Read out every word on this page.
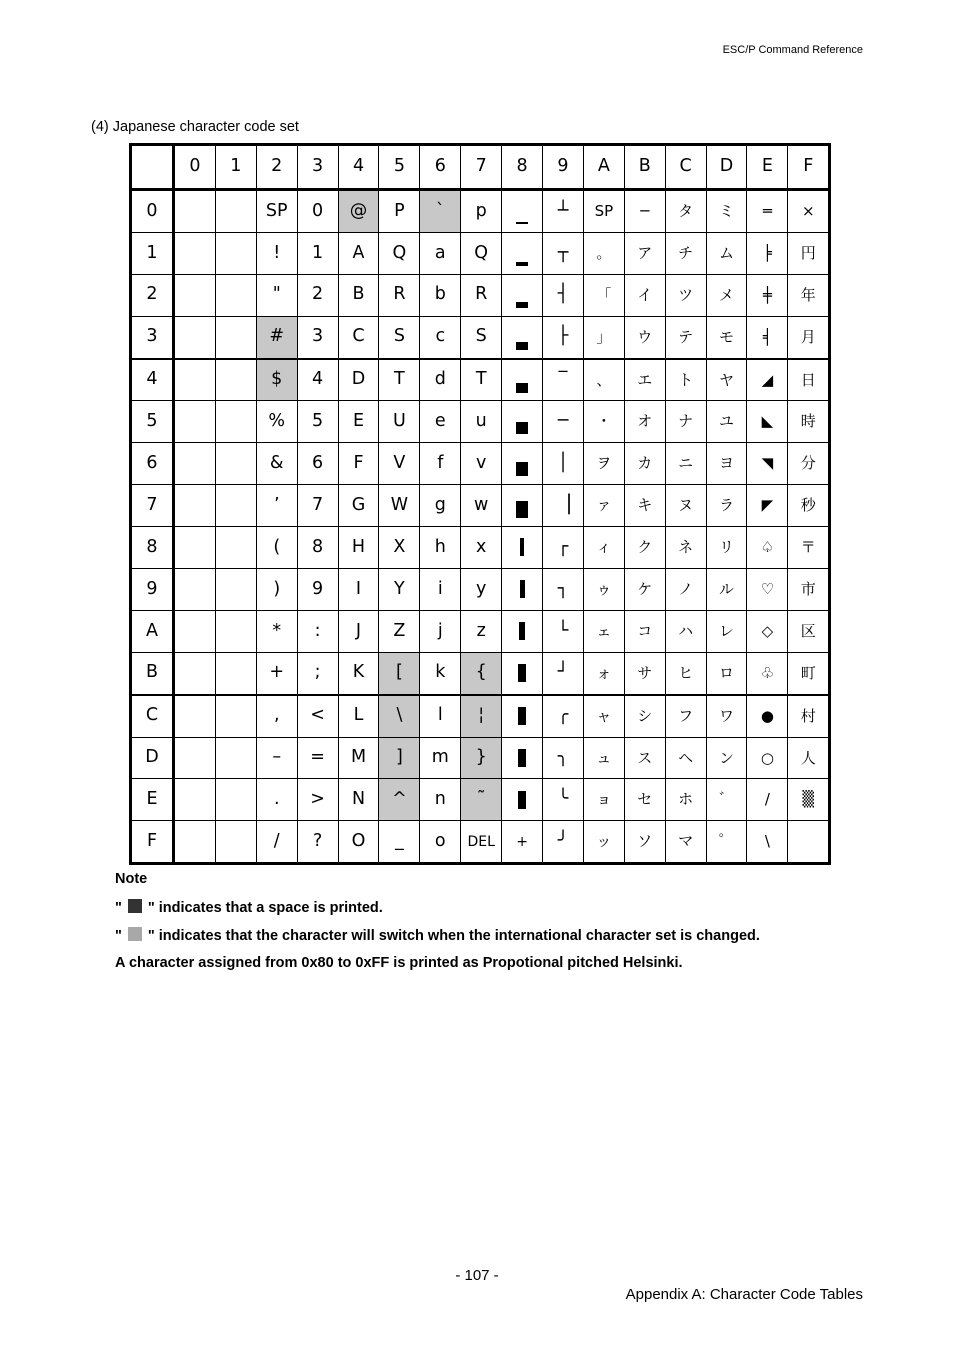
ESC/P Command Reference
(4) Japanese character code set
	0	1	2	3	4	5	6	7	8	9	A	B	C	D	E	F
0			SP	0	@	P	`	p		┴	SP	─	タ	ミ	═	×
1			!	1	A	Q	a	Q		┬	。	ア	チ	ム	╞	円
2			"	2	B	R	b	R		┤	「	イ	ツ	メ	╪	年
3			#	3	C	S	c	S		├	」	ウ	テ	モ	╡	月
4			$	4	D	T	d	T		‾	、	エ	ト	ヤ	◢	日
5			%	5	E	U	e	u		─	・	オ	ナ	ユ	◣	時
6			&	6	F	V	f	v		│	ヲ	カ	ニ	ヨ	◥	分
7			’	7	G	W	g	w		▕	ァ	キ	ヌ	ラ	◤	秒
8			(	8	H	X	h	x		┌	ィ	ク	ネ	リ	♤	〒
9			)	9	I	Y	i	y		┐	ゥ	ケ	ノ	ル	♡	市
A			*	:	J	Z	j	z		└	ェ	コ	ハ	レ	◇	区
B			+	;	K	[	k	{		┘	ォ	サ	ヒ	ロ	♧	町
C			,	<	L	\	l	¦		╭	ャ	シ	フ	ワ	●	村
D			–	=	M	]	m	}		╮	ュ	ス	ヘ	ン	○	人
E			.	>	N	^	n	˜		╰	ョ	セ	ホ	゛	/	▒
F			/	?	O	_	o	DEL	+	╯	ッ	ソ	マ	゜	\	
Note
" " indicates that a space is printed.
" " indicates that the character will switch when the international character set is changed.
A character assigned from 0x80 to 0xFF is printed as Propotional pitched Helsinki.
- 107 -
Appendix A: Character Code Tables
